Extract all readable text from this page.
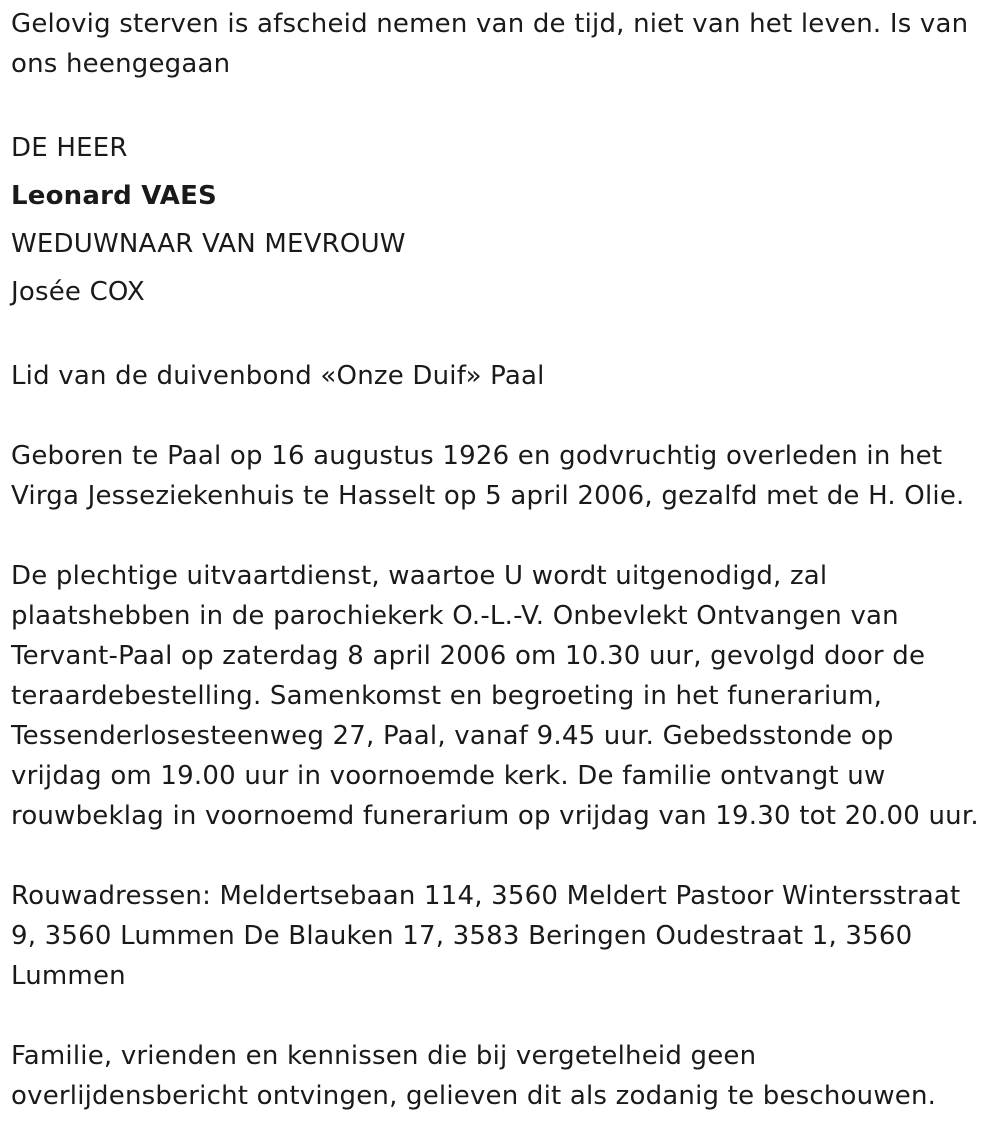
Gelovig sterven is afscheid nemen van de tijd, niet van het leven. Is van ons heengegaan

DE HEER

Leonard VAES

WEDUWNAAR VAN MEVROUW

Josée COX

Lid van de duivenbond «Onze Duif» Paal

Geboren te Paal op 16 augustus 1926 en godvruchtig overleden in het Virga Jesseziekenhuis te Hasselt op 5 april 2006, gezalfd met de H. Olie.

De plechtige uitvaartdienst, waartoe U wordt uitgenodigd, zal plaatshebben in de parochiekerk O.-L.-V. Onbevlekt Ontvangen van Tervant-Paal op zaterdag 8 april 2006 om 10.30 uur, gevolgd door de teraardebestelling. Samenkomst en begroeting in het funerarium, Tessenderlosesteenweg 27, Paal, vanaf 9.45 uur. Gebedsstonde op vrijdag om 19.00 uur in voornoemde kerk. De familie ontvangt uw rouwbeklag in voornoemd funerarium op vrijdag van 19.30 tot 20.00 uur.

Rouwadressen: Meldertsebaan 114, 3560 Meldert Pastoor Wintersstraat 9, 3560 Lummen De Blauken 17, 3583 Beringen Oudestraat 1, 3560 Lummen

Familie, vrienden en kennissen die bij vergetelheid geen overlijdensbericht ontvingen, gelieven dit als zodanig te beschouwen.
